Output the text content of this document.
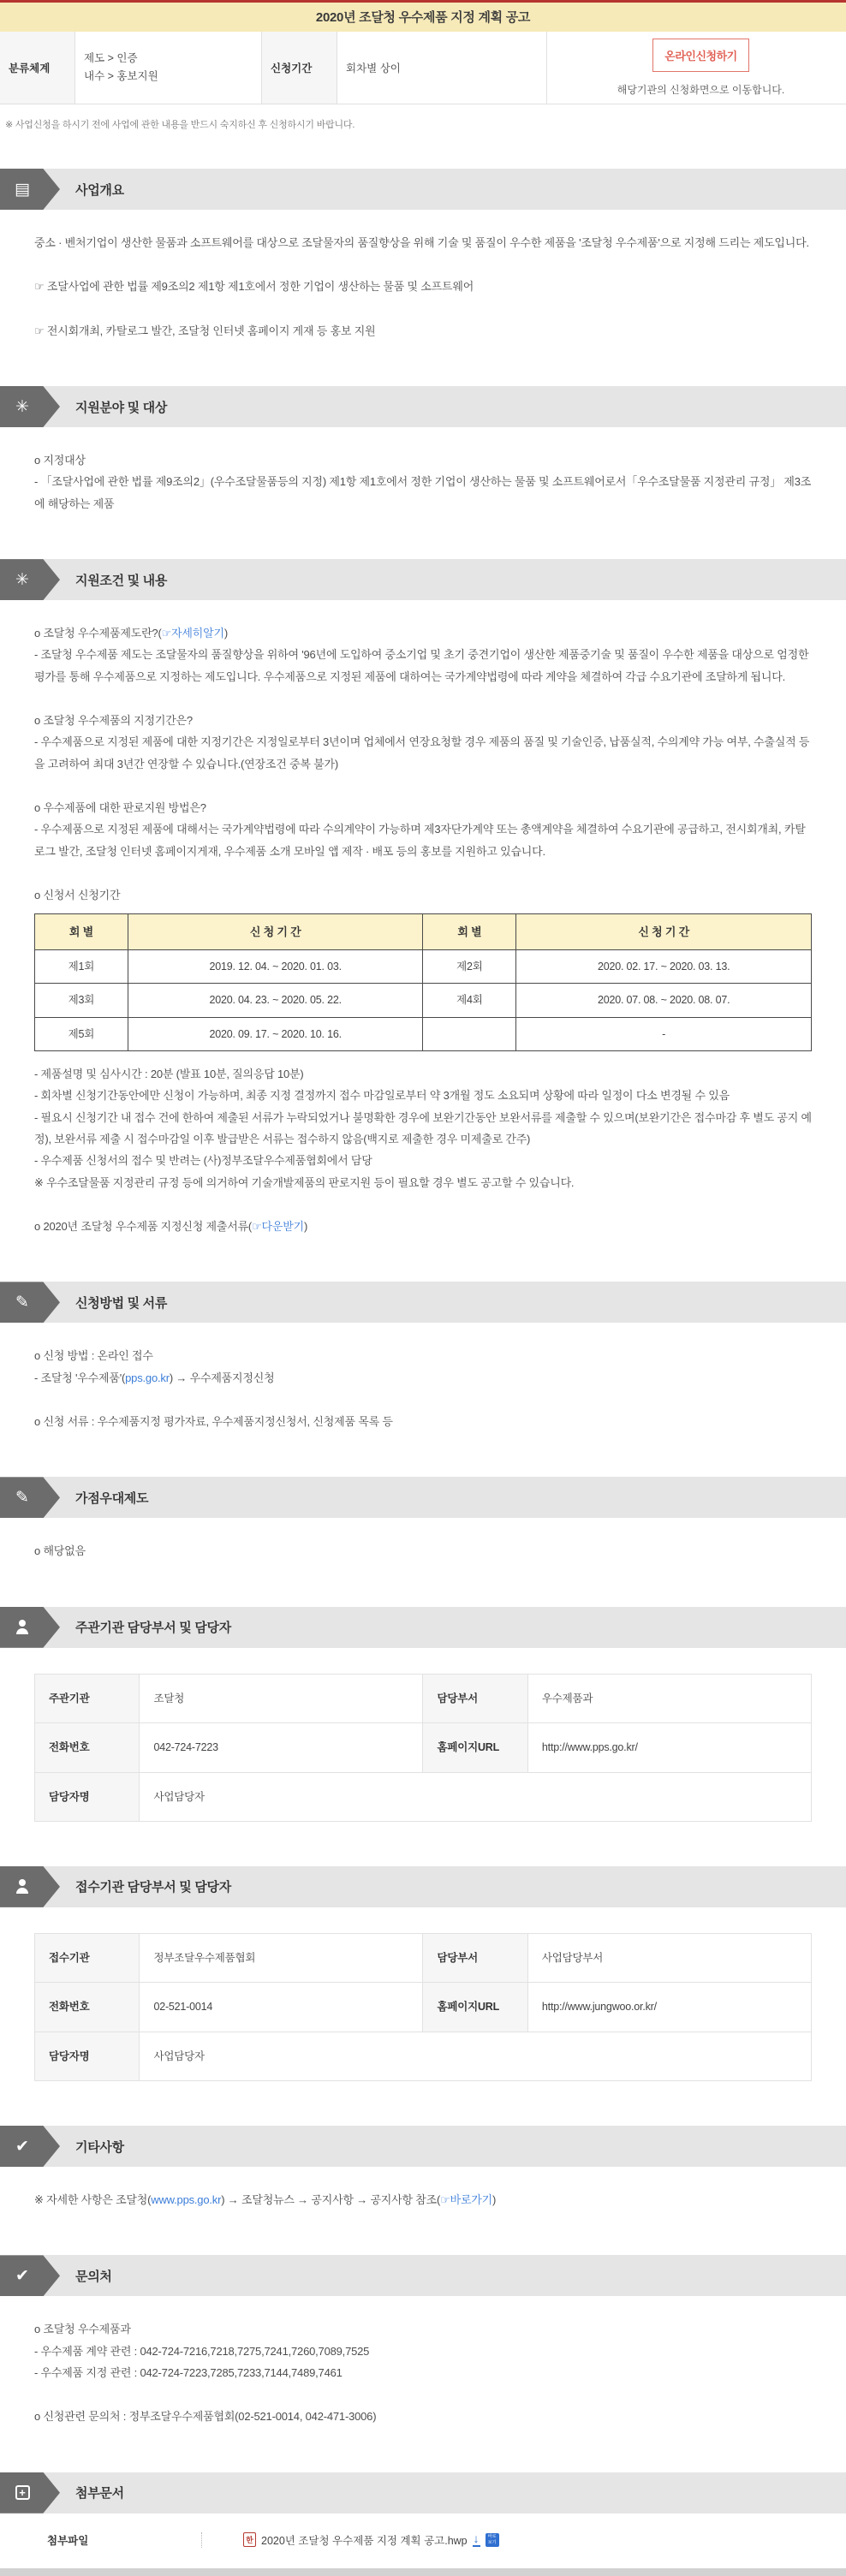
2020년 조달청 우수제품 지정 계획 공고
분류체계
제도 > 인증
내수 > 홍보지원
신청기간	회차별 상이
온라인신청하기
해당기관의 신청화면으로 이동합니다.
※ 사업신청을 하시기 전에 사업에 관한 내용을 반드시 숙지하신 후 신청하시기 바랍니다.
▤
사업개요

중소 · 벤처기업이 생산한 물품과 소프트웨어를 대상으로 조달물자의 품질향상을 위해 기술 및 품질이 우수한 제품을 '조달청 우수제품'으로 지정해 드리는 제도입니다.

☞ 조달사업에 관한 법률 제9조의2 제1항 제1호에서 정한 기업이 생산하는 물품 및 소프트웨어

☞ 전시회개최, 카탈로그 발간, 조달청 인터넷 홈페이지 게재 등 홍보 지원

✳
지원분야 및 대상

o 지정대상

- 「조달사업에 관한 법률 제9조의2」(우수조달물품등의 지정) 제1항 제1호에서 정한 기업이 생산하는 물품 및 소프트웨어로서「우수조달물품 지정관리 규정」 제3조에 해당하는 제품

✳
지원조건 및 내용

o 조달청 우수제품제도란?(☞자세히알기)

- 조달청 우수제품 제도는 조달물자의 품질향상을 위하여 '96년에 도입하여 중소기업 및 초기 중견기업이 생산한 제품중기술 및 품질이 우수한 제품을 대상으로 엄정한 평가를 통해 우수제품으로 지정하는 제도입니다. 우수제품으로 지정된 제품에 대하여는 국가계약법령에 따라 계약을 체결하여 각급 수요기관에 조달하게 됩니다.

o 조달청 우수제품의 지정기간은?

- 우수제품으로 지정된 제품에 대한 지정기간은 지정일로부터 3년이며 업체에서 연장요청할 경우 제품의 품질 및 기술인증, 납품실적, 수의계약 가능 여부, 수출실적 등을 고려하여 최대 3년간 연장할 수 있습니다.(연장조건 중복 불가)

o 우수제품에 대한 판로지원 방법은?

- 우수제품으로 지정된 제품에 대해서는 국가계약법령에 따라 수의계약이 가능하며 제3자단가계약 또는 총액계약을 체결하여 수요기관에 공급하고, 전시회개최, 카탈로그 발간, 조달청 인터넷 홈페이지게재, 우수제품 소개 모바일 앱 제작 · 배포 등의 홍보를 지원하고 있습니다.

o 신청서 신청기간

회 별	신 청 기 간	회 별	신 청 기 간
제1회	2019. 12. 04. ~ 2020. 01. 03.	제2회	2020. 02. 17. ~ 2020. 03. 13.
제3회	2020. 04. 23. ~ 2020. 05. 22.	제4회	2020. 07. 08. ~ 2020. 08. 07.
제5회	2020. 09. 17. ~ 2020. 10. 16.		-

- 제품설명 및 심사시간 : 20분 (발표 10분, 질의응답 10분)

- 회차별 신청기간동안에만 신청이 가능하며, 최종 지정 결정까지 접수 마감일로부터 약 3개월 정도 소요되며 상황에 따라 일정이 다소 변경될 수 있음

- 필요시 신청기간 내 접수 건에 한하여 제출된 서류가 누락되었거나 불명확한 경우에 보완기간동안 보완서류를 제출할 수 있으며(보완기간은 접수마감 후 별도 공지 예정), 보완서류 제출 시 접수마감일 이후 발급받은 서류는 접수하지 않음(백지로 제출한 경우 미제출로 간주)

- 우수제품 신청서의 접수 및 반려는 (사)정부조달우수제품협회에서 담당

※ 우수조달물품 지정관리 규정 등에 의거하여 기술개발제품의 판로지원 등이 필요할 경우 별도 공고할 수 있습니다.

o 2020년 조달청 우수제품 지정신청 제출서류(☞다운받기)

✎
신청방법 및 서류

o 신청 방법 : 온라인 접수

- 조달청 '우수제품'(pps.go.kr) → 우수제품지정신청

o 신청 서류 : 우수제품지정 평가자료, 우수제품지정신청서, 신청제품 목록 등

✎
가점우대제도

o 해당없음

주관기관 담당부서 및 담당자
주관기관	조달청	담당부서	우수제품과
전화번호	042-724-7223	홈페이지URL	http://www.pps.go.kr/
담당자명	사업담당자		
접수기관 담당부서 및 담당자
접수기관	정부조달우수제품협회	담당부서	사업담당부서
전화번호	02-521-0014	홈페이지URL	http://www.jungwoo.or.kr/
담당자명	사업담당자		
✔
기타사항

※ 자세한 사항은 조달청(www.pps.go.kr) → 조달청뉴스 → 공지사항 → 공지사항 참조(☞바로가기)

✔
문의처

o 조달청 우수제품과

- 우수제품 계약 관련 : 042-724-7216,7218,7275,7241,7260,7089,7525

- 우수제품 지정 관련 : 042-724-7223,7285,7233,7144,7489,7461

o 신청관련 문의처 : 정부조달우수제품협회(02-521-0014, 042-471-3006)

+
첨부문서
첨부파일 한	2020년 조달청 우수제품 지정 계획 공고.hwp ↓	바로보기
